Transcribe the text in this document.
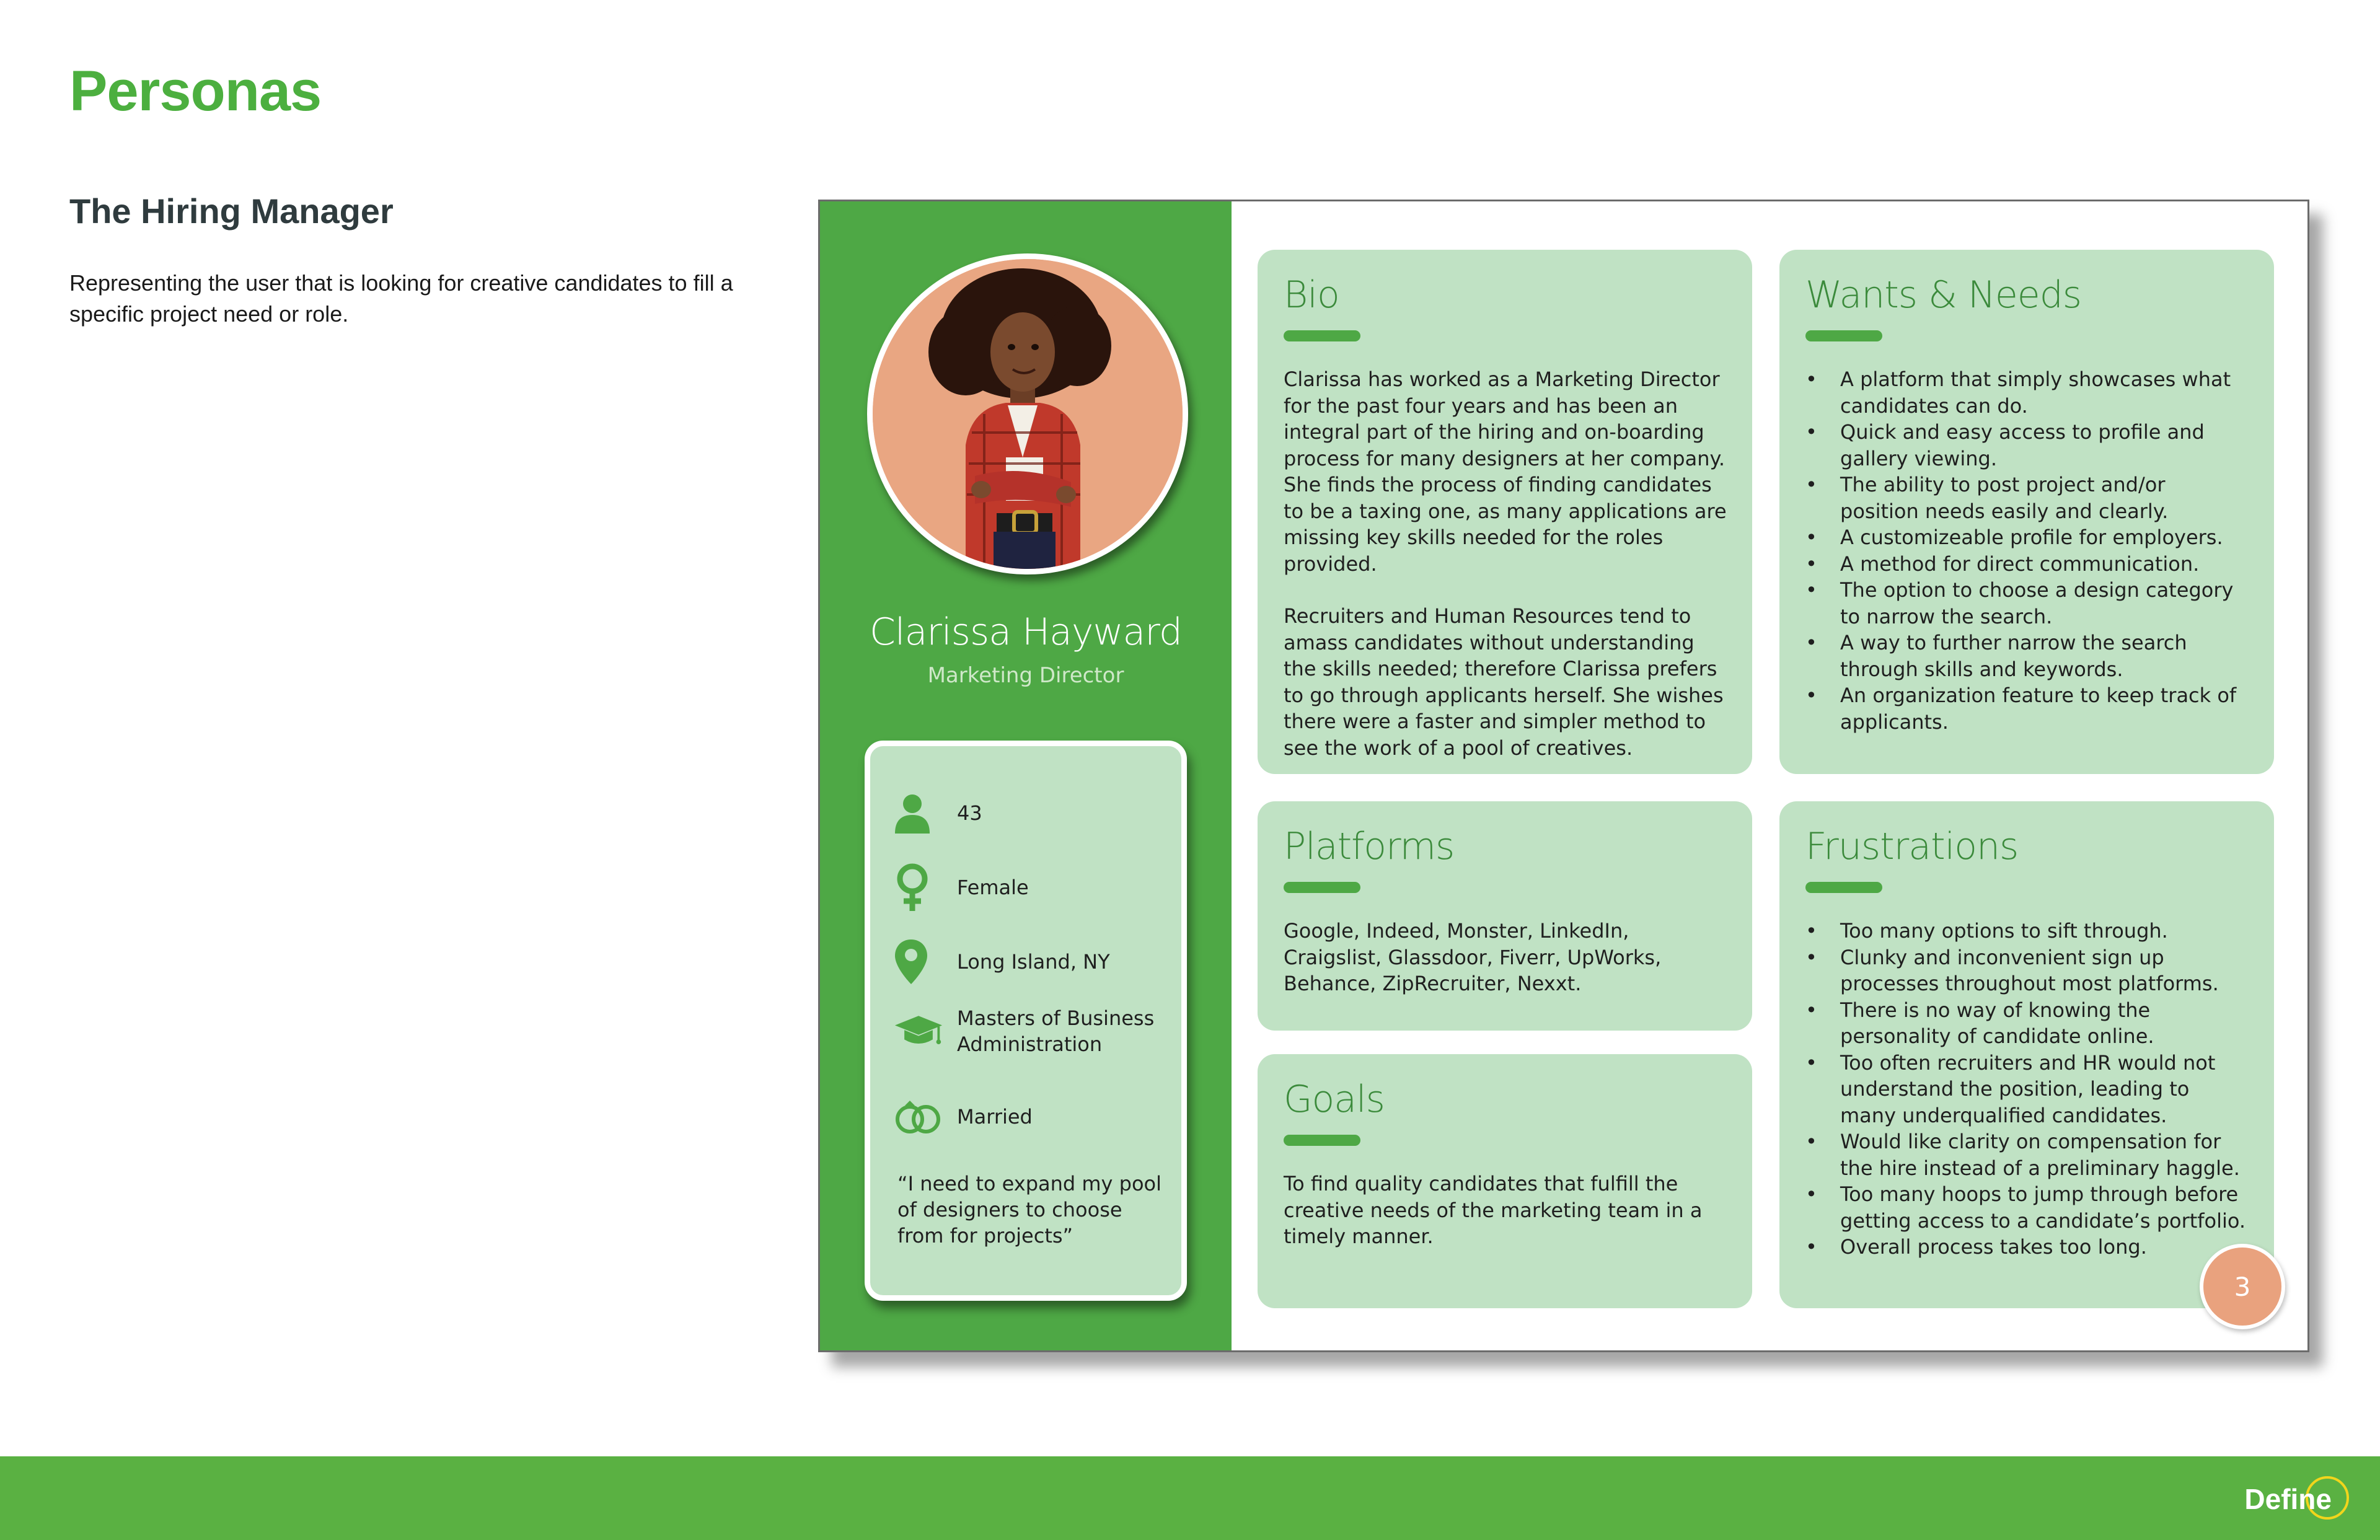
Personas
The Hiring Manager

Representing the user that is looking for creative candidates to fill a specific project need or role.

Clarissa Hayward
Marketing Director
43
Female
Long Island, NY
Masters of Business Administration
Married
“I need to expand my pool of designers to choose from for projects”
Bio

Clarissa has worked as a Marketing Director for the past four years and has been an integral part of the hiring and on-boarding process for many designers at her company. She finds the process of finding candidates to be a taxing one, as many applications are missing key skills needed for the roles provided.

Recruiters and Human Resources tend to amass candidates without understanding the skills needed; therefore Clarissa prefers to go through applicants herself. She wishes there were a faster and simpler method to see the work of a pool of creatives.

Wants & Needs
• A platform that simply showcases what candidates can do.
• Quick and easy access to profile and gallery viewing.
• The ability to post project and/or position needs easily and clearly.
• A customizeable profile for employers.
• A method for direct communication.
• The option to choose a design category to narrow the search.
• A way to further narrow the search through skills and keywords.
• An organization feature to keep track of applicants.
Platforms
Google, Indeed, Monster, LinkedIn, Craigslist, Glassdoor, Fiverr, UpWorks, Behance, ZipRecruiter, Nexxt.
Goals
To find quality candidates that fulfill the creative needs of the marketing team in a timely manner.
Frustrations
• Too many options to sift through.
• Clunky and inconvenient sign up processes throughout most platforms.
• There is no way of knowing the personality of candidate online.
• Too often recruiters and HR would not understand the position, leading to many underqualified candidates.
• Would like clarity on compensation for the hire instead of a preliminary haggle.
• Too many hoops to jump through before getting access to a candidate’s portfolio.
• Overall process takes too long.
3
Define
